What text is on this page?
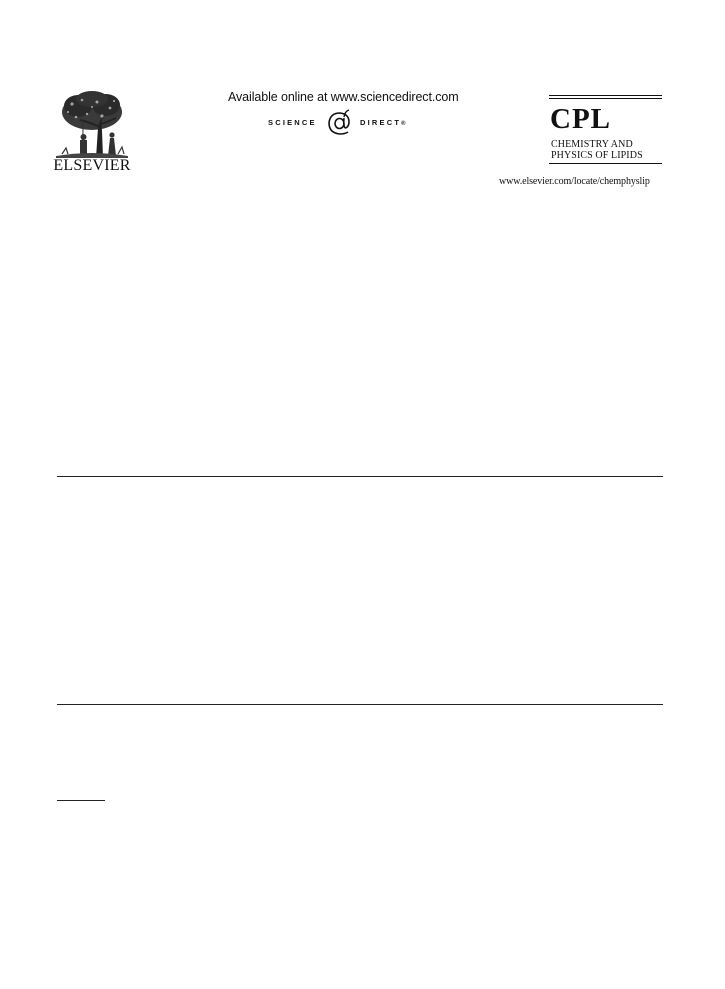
ELSEVIER
Available online at www.sciencedirect.com
SCIENCE	DIRECT®	CPL
CHEMISTRY AND
PHYSICS OF LIPIDS
www.elsevier.com/locate/chemphyslip
